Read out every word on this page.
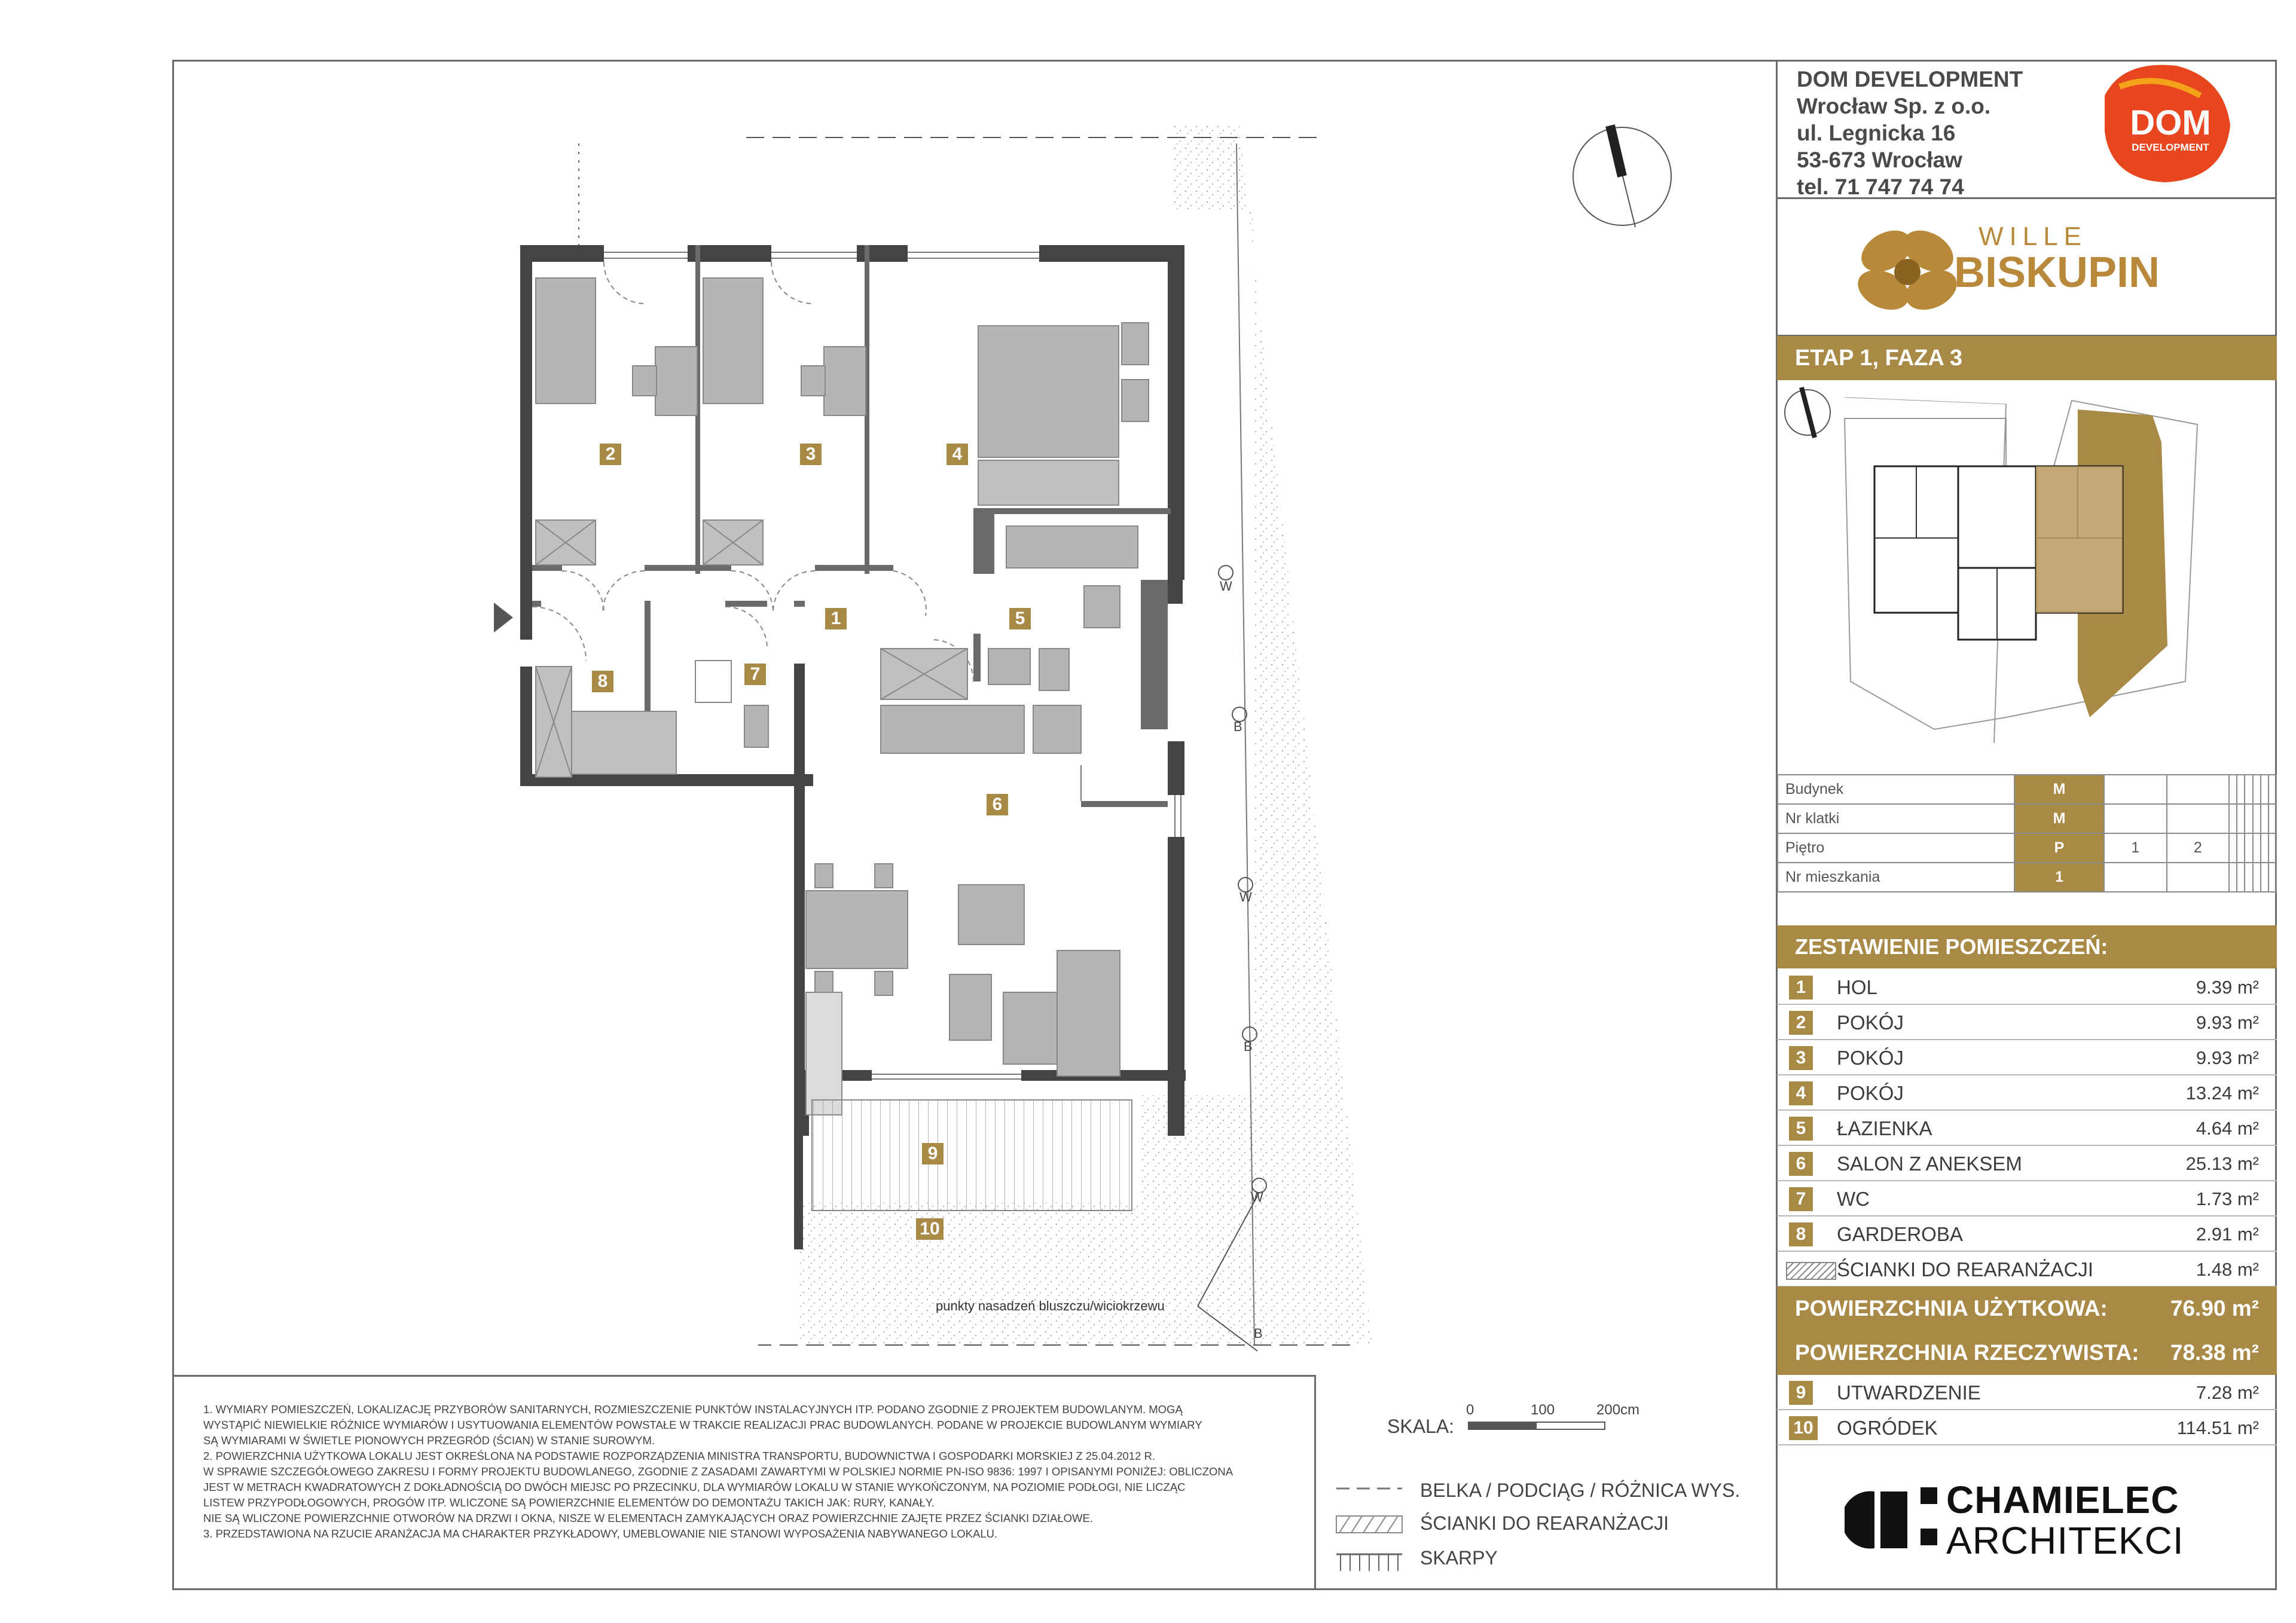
DOM DEVELOPMENT
Wrocław Sp. z o.o.
ul. Legnicka 16
53-673 Wrocław
tel. 71 747 74 74
DOM
DEVELOPMENT
WILLE
BISKUPIN
ETAP 1, FAZA 3
Budynek	M								
Nr klatki	M								
Piętro	P	1	2						
Nr mieszkania	1								
ZESTAWIENIE POMIESZCZEŃ:
1	HOL	9.39 m²
2	POKÓJ	9.93 m²
3	POKÓJ	9.93 m²
4	POKÓJ	13.24 m²
5	ŁAZIENKA	4.64 m²
6	SALON Z ANEKSEM	25.13 m²
7	WC	1.73 m²
8	GARDEROBA	2.91 m²
ŚCIANKI DO REARANŻACJI	1.48 m²
POWIERZCHNIA UŻYTKOWA:	76.90 m²
POWIERZCHNIA RZECZYWISTA: 78.38 m²
9	UTWARDZENIE	7.28 m²
10 OGRÓDEK	114.51 m²
1. WYMIARY POMIESZCZEŃ, LOKALIZACJĘ PRZYBORÓW SANITARNYCH, ROZMIESZCZENIE PUNKTÓW INSTALACYJNYCH ITP. PODANO ZGODNIE Z PROJEKTEM BUDOWLANYM. MOGĄ
WYSTĄPIĆ NIEWIELKIE RÓŻNICE WYMIARÓW I USYTUOWANIA ELEMENTÓW POWSTAŁE W TRAKCIE REALIZACJI PRAC BUDOWLANYCH. PODANE W PROJEKCIE BUDOWLANYM WYMIARY
SĄ WYMIARAMI W ŚWIETLE PIONOWYCH PRZEGRÓD (ŚCIAN) W STANIE SUROWYM.
2. POWIERZCHNIA UŻYTKOWA LOKALU JEST OKREŚLONA NA PODSTAWIE ROZPORZĄDZENIA MINISTRA TRANSPORTU, BUDOWNICTWA I GOSPODARKI MORSKIEJ Z 25.04.2012 R.
W SPRAWIE SZCZEGÓŁOWEGO ZAKRESU I FORMY PROJEKTU BUDOWLANEGO, ZGODNIE Z ZASADAMI ZAWARTYMI W POLSKIEJ NORMIE PN-ISO 9836: 1997 I OPISANYMI PONIŻEJ: OBLICZONA
JEST W METRACH KWADRATOWYCH Z DOKŁADNOŚCIĄ DO DWÓCH MIEJSC PO PRZECINKU, DLA WYMIARÓW LOKALU W STANIE WYKOŃCZONYM, NA POZIOMIE PODŁOGI, NIE LICZĄC
LISTEW PRZYPODŁOGOWYCH, PROGÓW ITP. WLICZONE SĄ POWIERZCHNIE ELEMENTÓW DO DEMONTAŻU TAKICH JAK: RURY, KANAŁY.
NIE SĄ WLICZONE POWIERZCHNIE OTWORÓW NA DRZWI I OKNA, NISZE W ELEMENTACH ZAMYKAJĄCYCH ORAZ POWIERZCHNIE ZAJĘTE PRZEZ ŚCIANKI DZIAŁOWE.
3. PRZEDSTAWIONA NA RZUCIE ARANŻACJA MA CHARAKTER PRZYKŁADOWY, UMEBLOWANIE NIE STANOWI WYPOSAŻENIA NABYWANEGO LOKALU.
SKALA:
0	100	200cm
BELKA / PODCIĄG / RÓŻNICA WYS.
ŚCIANKI DO REARANŻACJI
SKARPY
CHAMIELEC
ARCHITEKCI
2	3	4
1	5
8	7
6
9
10
W
B
W
B
W
B
punkty nasadzeń bluszczu/wiciokrzewu
